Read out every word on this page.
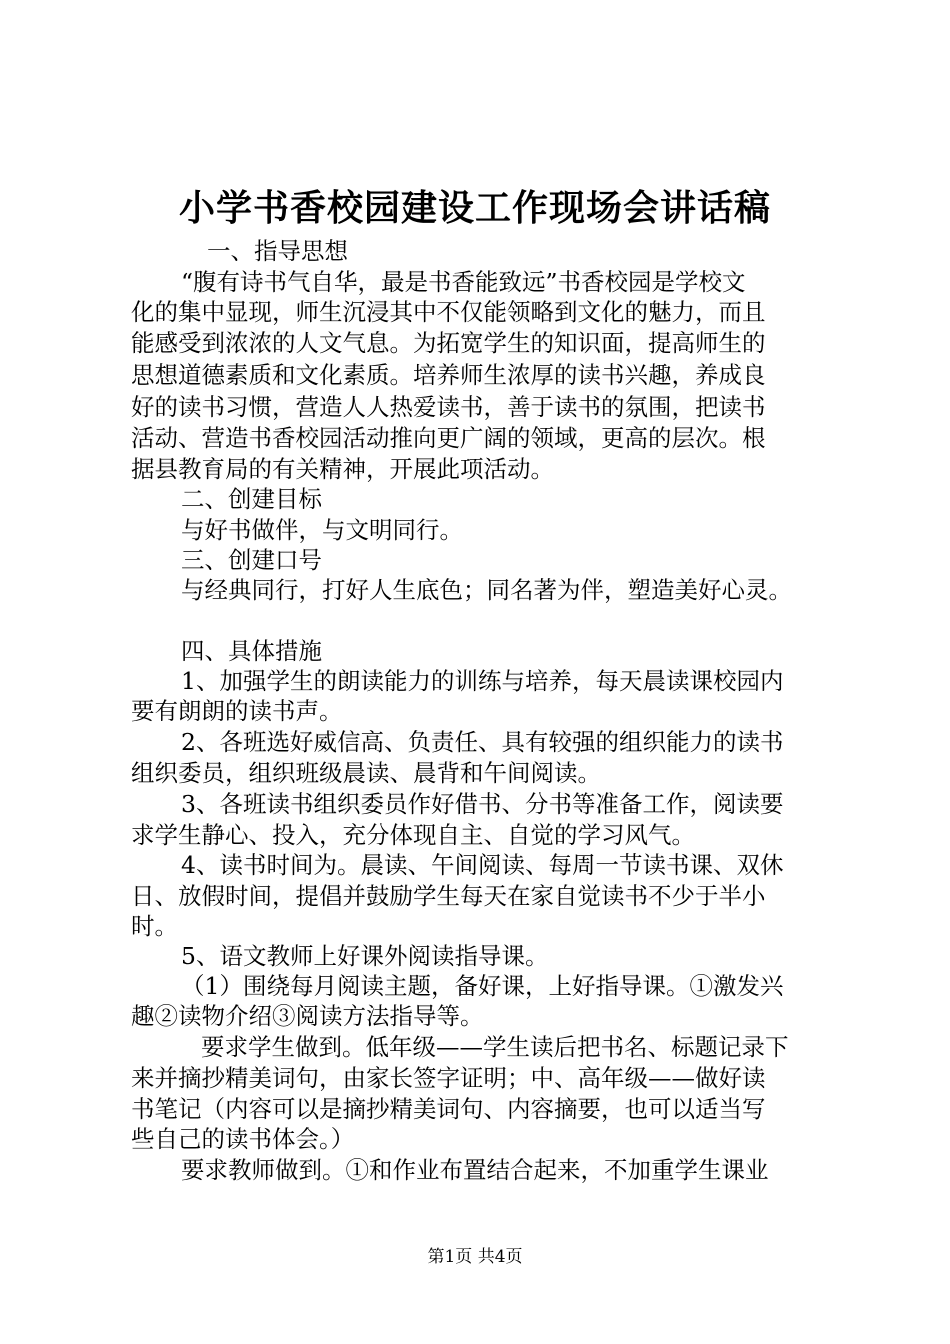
小学书香校园建设工作现场会讲话稿
一、指导思想
“腹有诗书气自华，最是书香能致远”书香校园是学校文
化的集中显现，师生沉浸其中不仅能领略到文化的魅力，而且
能感受到浓浓的人文气息。为拓宽学生的知识面，提高师生的
思想道德素质和文化素质。培养师生浓厚的读书兴趣，养成良
好的读书习惯，营造人人热爱读书，善于读书的氛围，把读书
活动、营造书香校园活动推向更广阔的领域，更高的层次。根
据县教育局的有关精神，开展此项活动。
二、创建目标
与好书做伴，与文明同行。
三、创建口号
与经典同行，打好人生底色；同名著为伴，塑造美好心灵。
四、具体措施
1、加强学生的朗读能力的训练与培养，每天晨读课校园内
要有朗朗的读书声。
2、各班选好威信高、负责任、具有较强的组织能力的读书
组织委员，组织班级晨读、晨背和午间阅读。
3、各班读书组织委员作好借书、分书等准备工作，阅读要
求学生静心、投入，充分体现自主、自觉的学习风气。
4、读书时间为。晨读、午间阅读、每周一节读书课、双休
日、放假时间，提倡并鼓励学生每天在家自觉读书不少于半小
时。
5、语文教师上好课外阅读指导课。
（1）围绕每月阅读主题，备好课，上好指导课。①激发兴
趣②读物介绍③阅读方法指导等。
要求学生做到。低年级——学生读后把书名、标题记录下
来并摘抄精美词句，由家长签字证明；中、高年级——做好读
书笔记（内容可以是摘抄精美词句、内容摘要，也可以适当写
些自己的读书体会。）
要求教师做到。①和作业布置结合起来，不加重学生课业
第1页 共4页
